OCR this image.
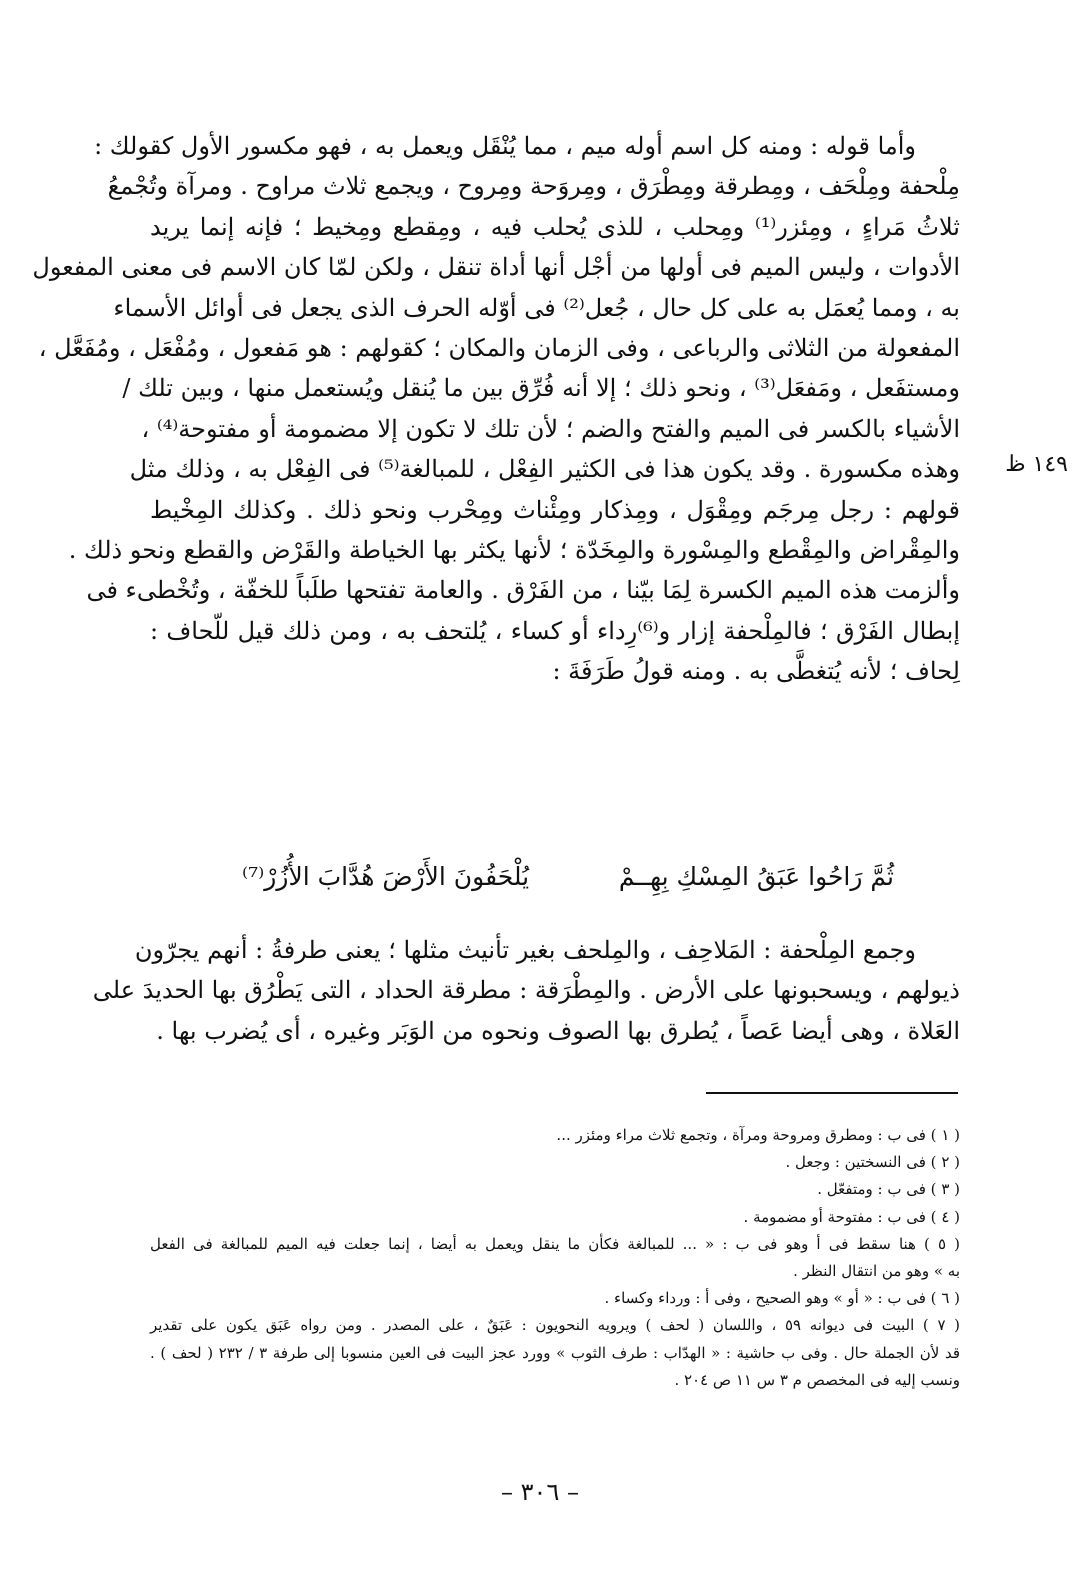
وأما قوله : ومنه كل اسم أوله ميم ، مما يُنْقَل ويعمل به ، فهو مكسور الأول كقولك :
مِلْحفة ومِلْحَف ، ومِطرقة ومِطْرَق ، ومِروَحة ومِروح ، ويجمع ثلاث مراوح . ومرآة وتُجْمعُ
ثلاثُ مَراءٍ ، ومِئزر⁽¹⁾ ومِحلب ، للذى يُحلب فيه ، ومِقطع ومِخيط ؛ فإنه إنما يريد
الأدوات ، وليس الميم فى أولها من أجْل أنها أداة تنقل ، ولكن لمّا كان الاسم فى معنى المفعول
به ، ومما يُعمَل به على كل حال ، جُعل⁽²⁾ فى أوّله الحرف الذى يجعل فى أوائل الأسماء
المفعولة من الثلاثى والرباعى ، وفى الزمان والمكان ؛ كقولهم : هو مَفعول ، ومُفْعَل ، ومُفَعَّل ،
ومستفَعل ، ومَفعَل⁽³⁾ ، ونحو ذلك ؛ إلا أنه فُرِّق بين ما يُنقل ويُستعمل منها ، وبين تلك /
الأشياء بالكسر فى الميم والفتح والضم ؛ لأن تلك لا تكون إلا مضمومة أو مفتوحة⁽⁴⁾ ،
وهذه مكسورة . وقد يكون هذا فى الكثير الفِعْل ، للمبالغة⁽⁵⁾ فى الفِعْل به ، وذلك مثل
قولهم : رجل مِرجَم ومِقْوَل ، ومِذكار ومِئْناث ومِحْرب ونحو ذلك . وكذلك المِخْيط
والمِقْراض والمِقْطع والمِسْورة والمِخَدّة ؛ لأنها يكثر بها الخياطة والقَرْض والقطع ونحو ذلك .
وألزمت هذه الميم الكسرة لِمَا بيّنا ، من الفَرْق . والعامة تفتحها طلَباً للخفّة ، وتُخْطىء فى
إبطال الفَرْق ؛ فالمِلْحفة إزار و⁽⁶⁾رِداء أو كساء ، يُلتحف به ، ومن ذلك قيل للّحاف :
لِحاف ؛ لأنه يُتغطَّى به . ومنه قولُ طَرَفَةَ :
١٤٩ ظ
ثُمَّ رَاحُوا عَبَقُ المِسْكِ بِهِــمْ
يُلْحَفُونَ الأَرْضَ هُدَّابَ الأُزُرْ⁽⁷⁾
وجمع المِلْحفة : المَلاحِف ، والمِلحف بغير تأنيث مثلها ؛ يعنى طرفةُ : أنهم يجرّون
ذيولهم ، ويسحبونها على الأرض . والمِطْرَقة : مطرقة الحداد ، التى يَطْرُق بها الحديدَ على
العَلاة ، وهى أيضا عَصاً ، يُطرق بها الصوف ونحوه من الوَبَر وغيره ، أى يُضرب بها .
( ١ ) فى ب : ومطرق ومروحة ومرآة ، وتجمع ثلاث مراء ومئزر ...
( ٢ ) فى النسختين : وجعل .
( ٣ ) فى ب : ومتفعّل .
( ٤ ) فى ب : مفتوحة أو مضمومة .
( ٥ ) هنا سقط فى أ وهو فى ب : « ... للمبالغة فكأن ما ينقل ويعمل به أيضا ، إنما جعلت فيه الميم للمبالغة فى الفعل
به » وهو من انتقال النظر .
( ٦ ) فى ب : « أو » وهو الصحيح ، وفى أ : ورداء وكساء .
( ٧ ) البيت فى ديوانه ٥٩ ، واللسان ( لحف ) ويرويه النحويون : عَبَقٌ ، على المصدر . ومن رواه عَبَق يكون على تقدير
قد لأن الجملة حال . وفى ب حاشية : « الهدّاب : طرف الثوب » وورد عجز البيت فى العين منسوبا إلى طرفة ٣ / ٢٣٢ ( لحف ) .
ونسب إليه فى المخصص م ٣ س ١١ ص ٢٠٤ .
– ٣٠٦ –
